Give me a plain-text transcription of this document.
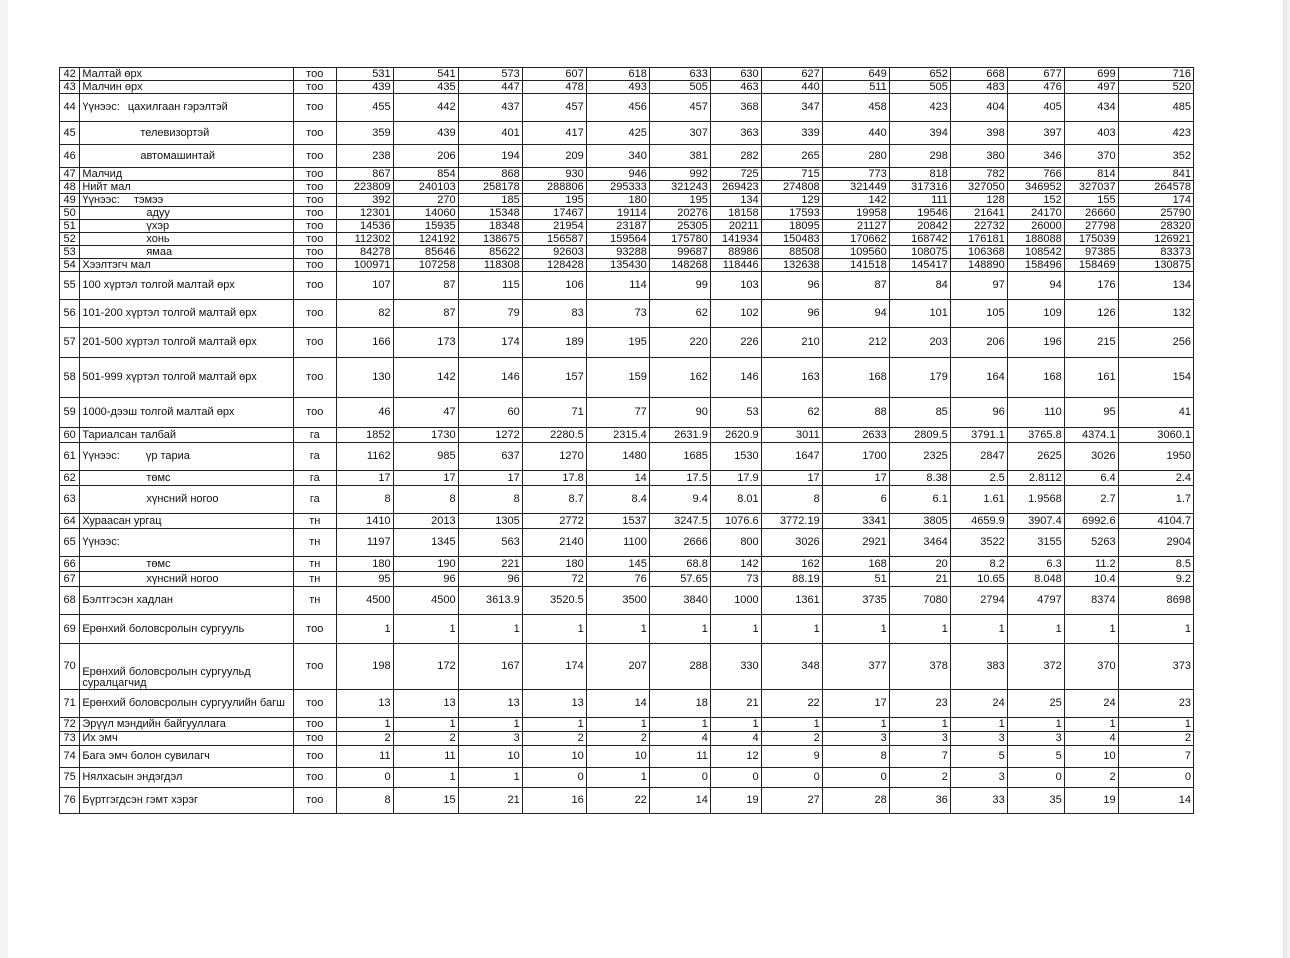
42	Малтай өрх	тоо	531	541	573	607	618	633	630	627	649	652	668	677	699	716
43	Малчин өрх	тоо	439	435	447	478	493	505	463	440	511	505	483	476	497	520
44	Үүнээс: цахилгаан гэрэлтэй	тоо	455	442	437	457	456	457	368	347	458	423	404	405	434	485
45	телевизортэй	тоо	359	439	401	417	425	307	363	339	440	394	398	397	403	423
46	автомашинтай	тоо	238	206	194	209	340	381	282	265	280	298	380	346	370	352
47	Малчид	тоо	867	854	868	930	946	992	725	715	773	818	782	766	814	841
48	Нийт мал	тоо	223809	240103	258178	288806	295333	321243	269423	274808	321449	317316	327050	346952	327037	264578
49	Үүнээс: тэмээ	тоо	392	270	185	195	180	195	134	129	142	111	128	152	155	174
50	адуу	тоо	12301	14060	15348	17467	19114	20276	18158	17593	19958	19546	21641	24170	26660	25790
51	үхэр	тоо	14536	15935	18348	21954	23187	25305	20211	18095	21127	20842	22732	26000	27798	28320
52	хонь	тоо	112302	124192	138675	156587	159564	175780	141934	150483	170662	168742	176181	188088	175039	126921
53	ямаа	тоо	84278	85646	85622	92603	93288	99687	88986	88508	109560	108075	106368	108542	97385	83373
54	Хээлтэгч мал	тоо	100971	107258	118308	128428	135430	148268	118446	132638	141518	145417	148890	158496	158469	130875
55	100 хүртэл толгой малтай өрх	тоо	107	87	115	106	114	99	103	96	87	84	97	94	176	134
56	101-200 хүртэл толгой малтай өрх	тоо	82	87	79	83	73	62	102	96	94	101	105	109	126	132
57	201-500 хүртэл толгой малтай өрх	тоо	166	173	174	189	195	220	226	210	212	203	206	196	215	256
58	501-999 хүртэл толгой малтай өрх	тоо	130	142	146	157	159	162	146	163	168	179	164	168	161	154
59	1000-дээш толгой малтай өрх	тоо	46	47	60	71	77	90	53	62	88	85	96	110	95	41
60	Тариалсан талбай	га	1852	1730	1272	2280.5	2315.4	2631.9	2620.9	3011	2633	2809.5	3791.1	3765.8	4374.1	3060.1
61	Үүнээс: үр тариа	га	1162	985	637	1270	1480	1685	1530	1647	1700	2325	2847	2625	3026	1950
62	төмс	га	17	17	17	17.8	14	17.5	17.9	17	17	8.38	2.5	2.8112	6.4	2.4
63	хүнсний ногоо	га	8	8	8	8.7	8.4	9.4	8.01	8	6	6.1	1.61	1.9568	2.7	1.7
64	Хураасан ургац	тн	1410	2013	1305	2772	1537	3247.5	1076.6	3772.19	3341	3805	4659.9	3907.4	6992.6	4104.7
65	Үүнээс:	тн	1197	1345	563	2140	1100	2666	800	3026	2921	3464	3522	3155	5263	2904
66	төмс	тн	180	190	221	180	145	68.8	142	162	168	20	8.2	6.3	11.2	8.5
67	хүнсний ногоо	тн	95	96	96	72	76	57.65	73	88.19	51	21	10.65	8.048	10.4	9.2
68	Бэлтгэсэн хадлан	тн	4500	4500	3613.9	3520.5	3500	3840	1000	1361	3735	7080	2794	4797	8374	8698
69	Ерөнхий боловсролын сургууль	тоо	1	1	1	1	1	1	1	1	1	1	1	1	1	1
70	Ерөнхий боловсролын сургуульд суралцагчид	тоо	198	172	167	174	207	288	330	348	377	378	383	372	370	373
71	Ерөнхий боловсролын сургуулийн багш	тоо	13	13	13	13	14	18	21	22	17	23	24	25	24	23
72	Эрүүл мэндийн байгууллага	тоо	1	1	1	1	1	1	1	1	1	1	1	1	1	1
73	Их эмч	тоо	2	2	3	2	2	4	4	2	3	3	3	3	4	2
74	Бага эмч болон сувилагч	тоо	11	11	10	10	10	11	12	9	8	7	5	5	10	7
75	Нялхасын эндэгдэл	тоо	0	1	1	0	1	0	0	0	0	2	3	0	2	0
76	Бүртгэгдсэн гэмт хэрэг	тоо	8	15	21	16	22	14	19	27	28	36	33	35	19	14
